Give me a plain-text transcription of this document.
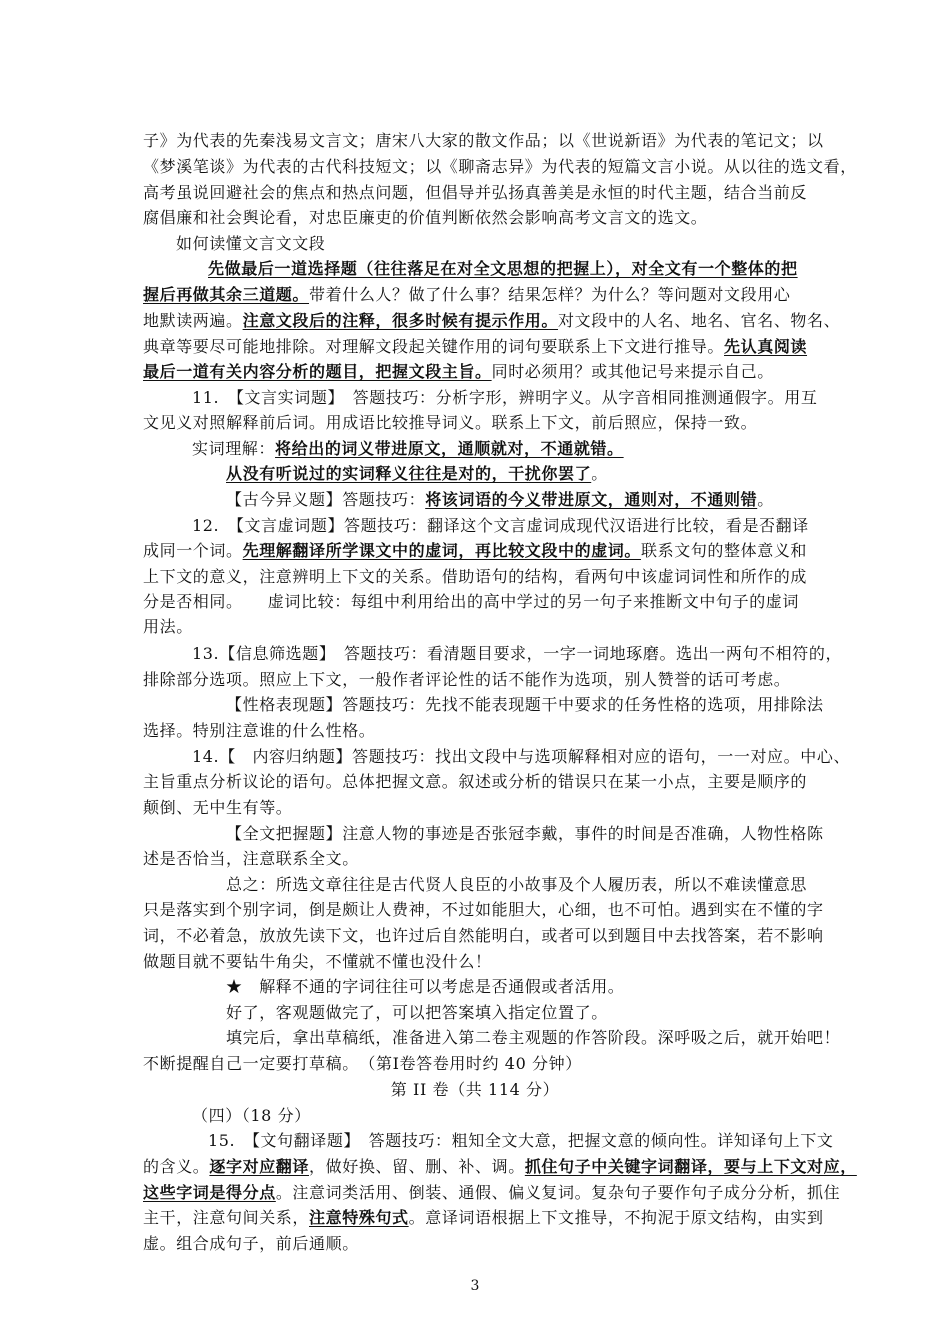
子》为代表的先秦浅易文言文；唐宋八大家的散文作品；以《世说新语》为代表的笔记文；以
《梦溪笔谈》为代表的古代科技短文；以《聊斋志异》为代表的短篇文言小说。从以往的选文看，
高考虽说回避社会的焦点和热点问题，但倡导并弘扬真善美是永恒的时代主题，结合当前反
腐倡廉和社会舆论看，对忠臣廉吏的价值判断依然会影响高考文言文的选文。
如何读懂文言文文段
先做最后一道选择题（往往落足在对全文思想的把握上），对全文有一个整体的把
握后再做其余三道题。带着什么人？做了什么事？结果怎样？为什么？等问题对文段用心
地默读两遍。注意文段后的注释，很多时候有提示作用。对文段中的人名、地名、官名、物名、
典章等要尽可能地排除。对理解文段起关键作用的词句要联系上下文进行推导。先认真阅读
最后一道有关内容分析的题目，把握文段主旨。同时必须用？或其他记号来提示自己。
11.　【文言实词题】　答题技巧：分析字形，辨明字义。从字音相同推测通假字。用互
文见义对照解释前后词。用成语比较推导词义。联系上下文，前后照应，保持一致。
实词理解：将给出的词义带进原文，通顺就对，不通就错。
从没有听说过的实词释义往往是对的，干扰你罢了。
【古今异义题】答题技巧：将该词语的今义带进原文，通则对，不通则错。
12.　【文言虚词题】答题技巧：翻译这个文言虚词成现代汉语进行比较，看是否翻译
成同一个词。先理解翻译所学课文中的虚词，再比较文段中的虚词。联系文句的整体意义和
上下文的意义，注意辨明上下文的关系。借助语句的结构，看两句中该虚词词性和所作的成
分是否相同。　　虚词比较：每组中利用给出的高中学过的另一句子来推断文中句子的虚词
用法。
13.【信息筛选题】　答题技巧：看清题目要求，一字一词地琢磨。选出一两句不相符的，
排除部分选项。照应上下文，一般作者评论性的话不能作为选项，别人赞誉的话可考虑。
【性格表现题】答题技巧：先找不能表现题干中要求的任务性格的选项，用排除法
选择。特别注意谁的什么性格。
14.【　内容归纳题】答题技巧：找出文段中与选项解释相对应的语句，一一对应。中心、
主旨重点分析议论的语句。总体把握文意。叙述或分析的错误只在某一小点，主要是顺序的
颠倒、无中生有等。
【全文把握题】注意人物的事迹是否张冠李戴，事件的时间是否准确，人物性格陈
述是否恰当，注意联系全文。
总之：所选文章往往是古代贤人良臣的小故事及个人履历表，所以不难读懂意思
只是落实到个别字词，倒是颇让人费神，不过如能胆大，心细，也不可怕。遇到实在不懂的字
词，不必着急，放放先读下文，也许过后自然能明白，或者可以到题目中去找答案，若不影响
做题目就不要钻牛角尖，不懂就不懂也没什么！
★　解释不通的字词往往可以考虑是否通假或者活用。
好了，客观题做完了，可以把答案填入指定位置了。
填完后，拿出草稿纸，准备进入第二卷主观题的作答阶段。深呼吸之后，就开始吧！
不断提醒自己一定要打草稿。　（第Ⅰ卷答卷用时约 40 分钟）
第 II 卷（共 114 分）
（四）（18 分）
15.　【文句翻译题】　答题技巧：粗知全文大意，把握文意的倾向性。详知译句上下文
的含义。逐字对应翻译，做好换、留、删、补、调。抓住句子中关键字词翻译，要与上下文对应，
这些字词是得分点。注意词类活用、倒装、通假、偏义复词。复杂句子要作句子成分分析，抓住
主干，注意句间关系，注意特殊句式。意译词语根据上下文推导，不拘泥于原文结构，由实到
虚。组合成句子，前后通顺。
3
